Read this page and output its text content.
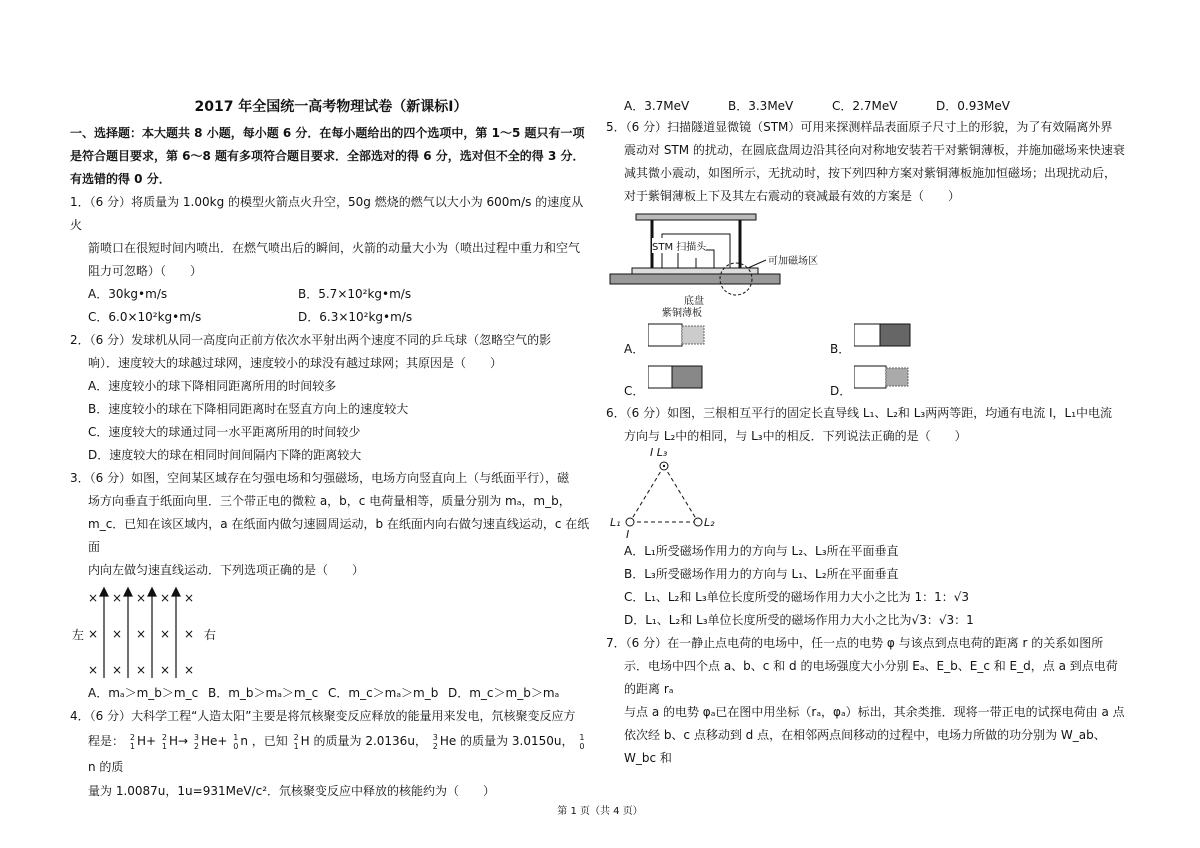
2017 年全国统一高考物理试卷（新课标Ⅰ）

一、选择题：本大题共 8 小题，每小题 6 分．在每小题给出的四个选项中，第 1～5 题只有一项是符合题目要求，第 6～8 题有多项符合题目要求．全部选对的得 6 分，选对但不全的得 3 分．有选错的得 0 分．

1．（6 分）将质量为 1.00kg 的模型火箭点火升空，50g 燃烧的燃气以大小为 600m/s 的速度从火

箭喷口在很短时间内喷出．在燃气喷出后的瞬间，火箭的动量大小为（喷出过程中重力和空气

阻力可忽略）（　　）

A．30kg•m/s	B．5.7×10²kg•m/s
C．6.0×10²kg•m/s	D．6.3×10²kg•m/s

2．（6 分）发球机从同一高度向正前方依次水平射出两个速度不同的乒乓球（忽略空气的影

响）．速度较大的球越过球网，速度较小的球没有越过球网；其原因是（　　）

A．速度较小的球下降相同距离所用的时间较多

B．速度较小的球在下降相同距离时在竖直方向上的速度较大

C．速度较大的球通过同一水平距离所用的时间较少

D．速度较大的球在相同时间间隔内下降的距离较大

3．（6 分）如图，空间某区域存在匀强电场和匀强磁场，电场方向竖直向上（与纸面平行），磁

场方向垂直于纸面向里．三个带正电的微粒 a，b，c 电荷量相等，质量分别为 mₐ，m_b，

m_c．已知在该区域内，a 在纸面内做匀速圆周运动，b 在纸面内向右做匀速直线运动，c 在纸面

内向左做匀速直线运动．下列选项正确的是（　　）

× × × × ×
× × × × ×
× × × × ×
左	右
A．mₐ＞m_b＞m_c B．m_b＞mₐ＞m_c C．m_c＞mₐ＞m_b D．m_c＞m_b＞mₐ

4．（6 分）大科学工程“人造太阳”主要是将氘核聚变反应释放的能量用来发电，氘核聚变反应方

程是： 2
1 H+ 2
1 H→ 3
2 He+ 1
0 n ，已知 2
1 H 的质量为 2.0136u， 3
2 He 的质量为 3.0150u， 1
0
n 的质

量为 1.0087u，1u=931MeV/c²．氘核聚变反应中释放的核能约为（　　）

A．3.7MeV	B．3.3MeV	C．2.7MeV	D．0.93MeV

5．（6 分）扫描隧道显微镜（STM）可用来探测样品表面原子尺寸上的形貌，为了有效隔离外界

震动对 STM 的扰动，在圆底盘周边沿其径向对称地安装若干对紫铜薄板，并施加磁场来快速衰

减其微小震动，如图所示，无扰动时，按下列四种方案对紫铜薄板施加恒磁场；出现扰动后，

对于紫铜薄板上下及其左右震动的衰减最有效的方案是（　　）

STM 扫描头
可加磁场区
底盘
紫铜薄板
A．	B．
C．	D．

6．（6 分）如图，三根相互平行的固定长直导线 L₁、L₂和 L₃两两等距，均通有电流 I，L₁中电流

方向与 L₂中的相同，与 L₃中的相反．下列说法正确的是（　　）

I L₃
L₁	L₂
I

A．L₁所受磁场作用力的方向与 L₂、L₃所在平面垂直

B．L₃所受磁场作用力的方向与 L₁、L₂所在平面垂直

C．L₁、L₂和 L₃单位长度所受的磁场作用力大小之比为 1：1：√3

D．L₁、L₂和 L₃单位长度所受的磁场作用力大小之比为√3：√3：1

7．（6 分）在一静止点电荷的电场中，任一点的电势 φ 与该点到点电荷的距离 r 的关系如图所

示．电场中四个点 a、b、c 和 d 的电场强度大小分别 Eₐ、E_b、E_c 和 E_d，点 a 到点电荷的距离 rₐ

与点 a 的电势 φₐ已在图中用坐标（rₐ，φₐ）标出，其余类推．现将一带正电的试探电荷由 a 点

依次经 b、c 点移动到 d 点，在相邻两点间移动的过程中，电场力所做的功分别为 W_ab、W_bc 和

第 1 页（共 4 页）
